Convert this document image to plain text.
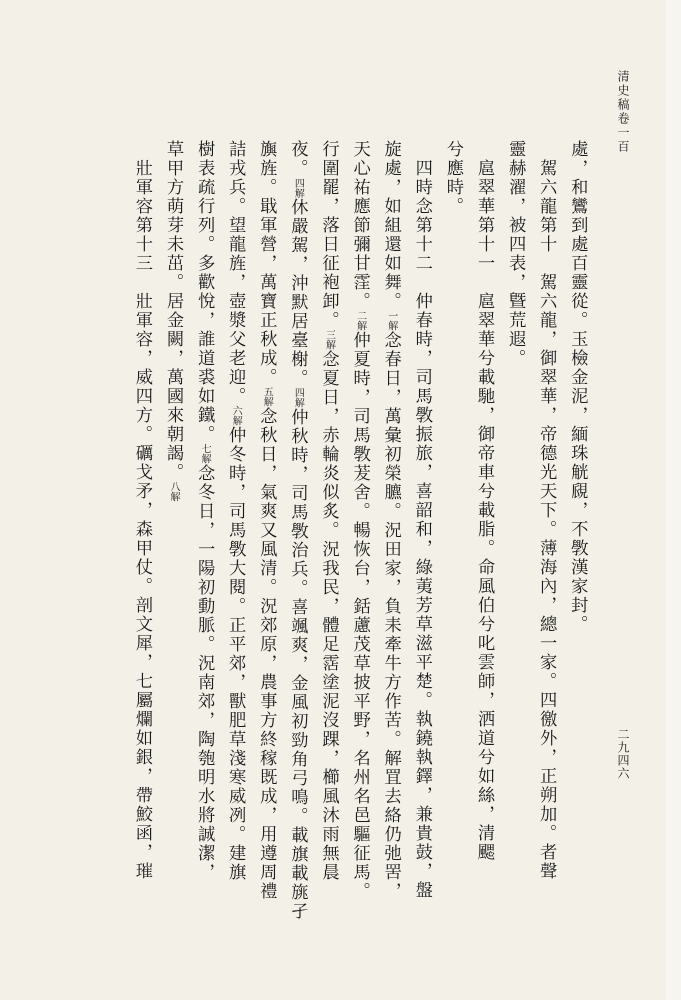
清史稿卷一百
二九四六
處，和鸞到處百靈從。玉檢金泥，緬珠觥覛，不斆漢家封。
　駕六龍第十　駕六龍，御翠華，帝德光天下。薄海內，總一家。四徼外，正朔加。者聲
靈赫濯，被四表，曁荒遐。
　扈翠華第十一　扈翠華兮載馳，御帝車兮載脂。命風伯兮叱雲師，洒道兮如絲，清颸
兮應時。
　四時念第十二　仲春時，司馬斆振旅，喜韶和，綠荑芳草滋平楚。執鐃執鐸，兼貴鼓，盤
旋處，如組還如舞。一解念春日，萬彙初榮臕。況田家，負耒牽牛方作苦。解罝去絡仍弛罟，
天心祐應節彌甘霔。二解仲夏時，司馬斆茇舍。暢恢台，銛藘茂草披平野，名州名邑驅征馬。
行圍罷，落日征袍卸。三解念夏日，赤輪炎似炙。況我民，體足霑塗泥沒踝，櫛風沐雨無晨
夜。四解休嚴駕，沖默居臺榭。四解仲秋時，司馬斆治兵。喜颯爽，金風初勁角弓鳴。載旗載旐孑
旟旌。戢軍營，萬寶正秋成。五解念秋日，氣爽又風清。況郊原，農事方終稼既成，用遵周禮
詰戎兵。望龍旌，壺漿父老迎。六解仲冬時，司馬斆大閱。正平郊，獸肥草淺寒威冽。建旗
樹表疏行列。多歡悅，誰道裘如鐵。七解念冬日，一陽初動脈。況南郊，陶匏明水將誠潔，
草甲方萌芽未茁。居金闕，萬國來朝謁。八解
　壯軍容第十三　壯軍容，威四方。礪戈矛，森甲仗。剖文犀，七屬爛如銀，帶鮫函，璀
